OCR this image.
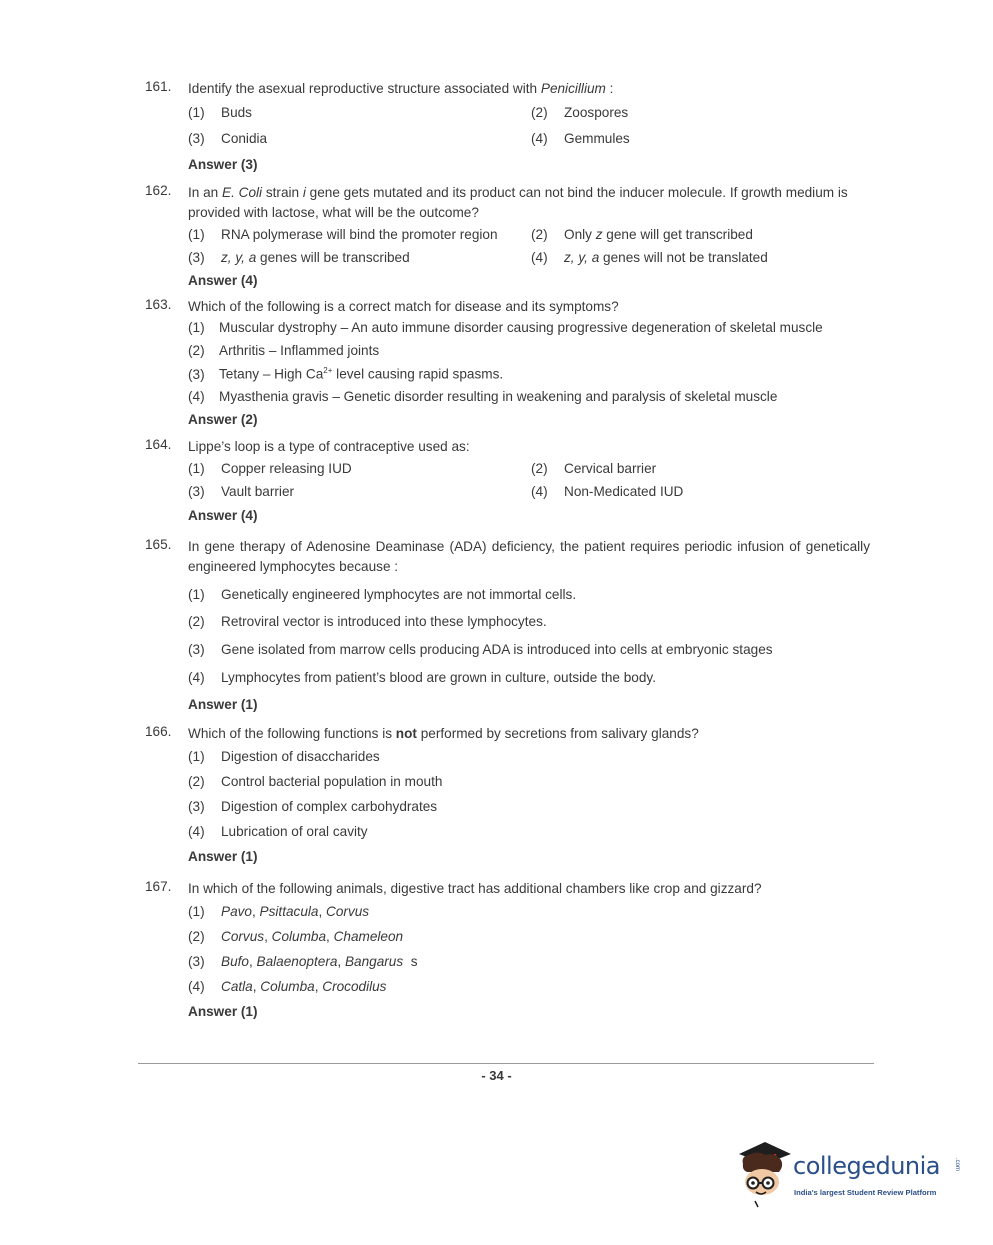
161.	Identify the asexual reproductive structure associated with Penicillium :
(1) Buds	(2) Zoospores
(3) Conidia	(4) Gemmules
Answer (3)
162.	In an E. Coli strain i gene gets mutated and its product can not bind the inducer molecule. If growth medium is provided with lactose, what will be the outcome?
(1) RNA polymerase will bind the promoter region (2) Only z gene will get transcribed
(3) z, y, a genes will be transcribed	(4) z, y, a genes will not be translated
Answer (4)
163.	Which of the following is a correct match for disease and its symptoms?
(1) Muscular dystrophy – An auto immune disorder causing progressive degeneration of skeletal muscle
(2) Arthritis – Inflammed joints
(3) Tetany – High $Ca^{2+}$ level causing rapid spasms.
(4) Myasthenia gravis – Genetic disorder resulting in weakening and paralysis of skeletal muscle
Answer (2)
164.	Lippe’s loop is a type of contraceptive used as:
(1) Copper releasing IUD	(2) Cervical barrier
(3) Vault barrier	(4) Non-Medicated IUD
Answer (4)
165.	In gene therapy of Adenosine Deaminase (ADA) deficiency, the patient requires periodic infusion of genetically engineered lymphocytes because :
(1) Genetically engineered lymphocytes are not immortal cells.
(2) Retroviral vector is introduced into these lymphocytes.
(3) Gene isolated from marrow cells producing ADA is introduced into cells at embryonic stages
(4) Lymphocytes from patient’s blood are grown in culture, outside the body.
Answer (1)
166.	Which of the following functions is not performed by secretions from salivary glands?
(1) Digestion of disaccharides
(2) Control bacterial population in mouth
(3) Digestion of complex carbohydrates
(4) Lubrication of oral cavity
Answer (1)
167.	In which of the following animals, digestive tract has additional chambers like crop and gizzard?
(1) Pavo, Psittacula, Corvus
(2) Corvus, Columba, Chameleon
(3) Bufo, Balaenoptera, Bangarus  s
(4) Catla, Columba, Crocodilus
Answer (1)
- 34 -
collegedunia .com
India's largest Student Review Platform
